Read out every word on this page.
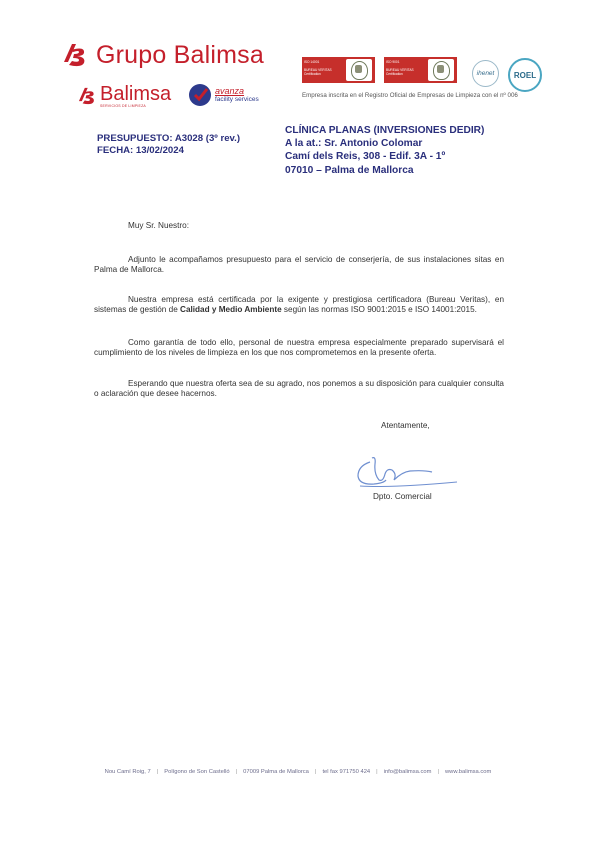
Grupo Balimsa
Balimsa
SERVICIOS DE LIMPIEZA
avanza
facility services
ISO 14001
BUREAU VERITAS
Certification
ISO 9001
BUREAU VERITAS
Certification	ihenet ROEL
Empresa inscrita en el Registro Oficial de Empresas de Limpieza con el nº 006
PRESUPUESTO: A3028 (3º rev.)
FECHA: 13/02/2024
CLÍNICA PLANAS (INVERSIONES DEDIR)
A la at.: Sr. Antonio Colomar
Camí dels Reis, 308 - Edif. 3A - 1º
07010 – Palma de Mallorca
Muy Sr. Nuestro:
Adjunto le acompañamos presupuesto para el servicio de conserjería, de sus instalaciones sitas en Palma de Mallorca.
Nuestra empresa está certificada por la exigente y prestigiosa certificadora (Bureau Veritas), en sistemas de gestión de Calidad y Medio Ambiente según las normas ISO 9001:2015 e ISO 14001:2015.
Como garantía de todo ello, personal de nuestra empresa especialmente preparado supervisará el cumplimiento de los niveles de limpieza en los que nos comprometemos en la presente oferta.
Esperando que nuestra oferta sea de su agrado, nos ponemos a su disposición para cualquier consulta o aclaración que desee hacernos.
Atentamente,
Dpto. Comercial
Nou Camí Roig, 7 | Polígono de Son Castelló | 07009 Palma de Mallorca | tel fax 971750 424 | info@balimsa.com | www.balimsa.com
